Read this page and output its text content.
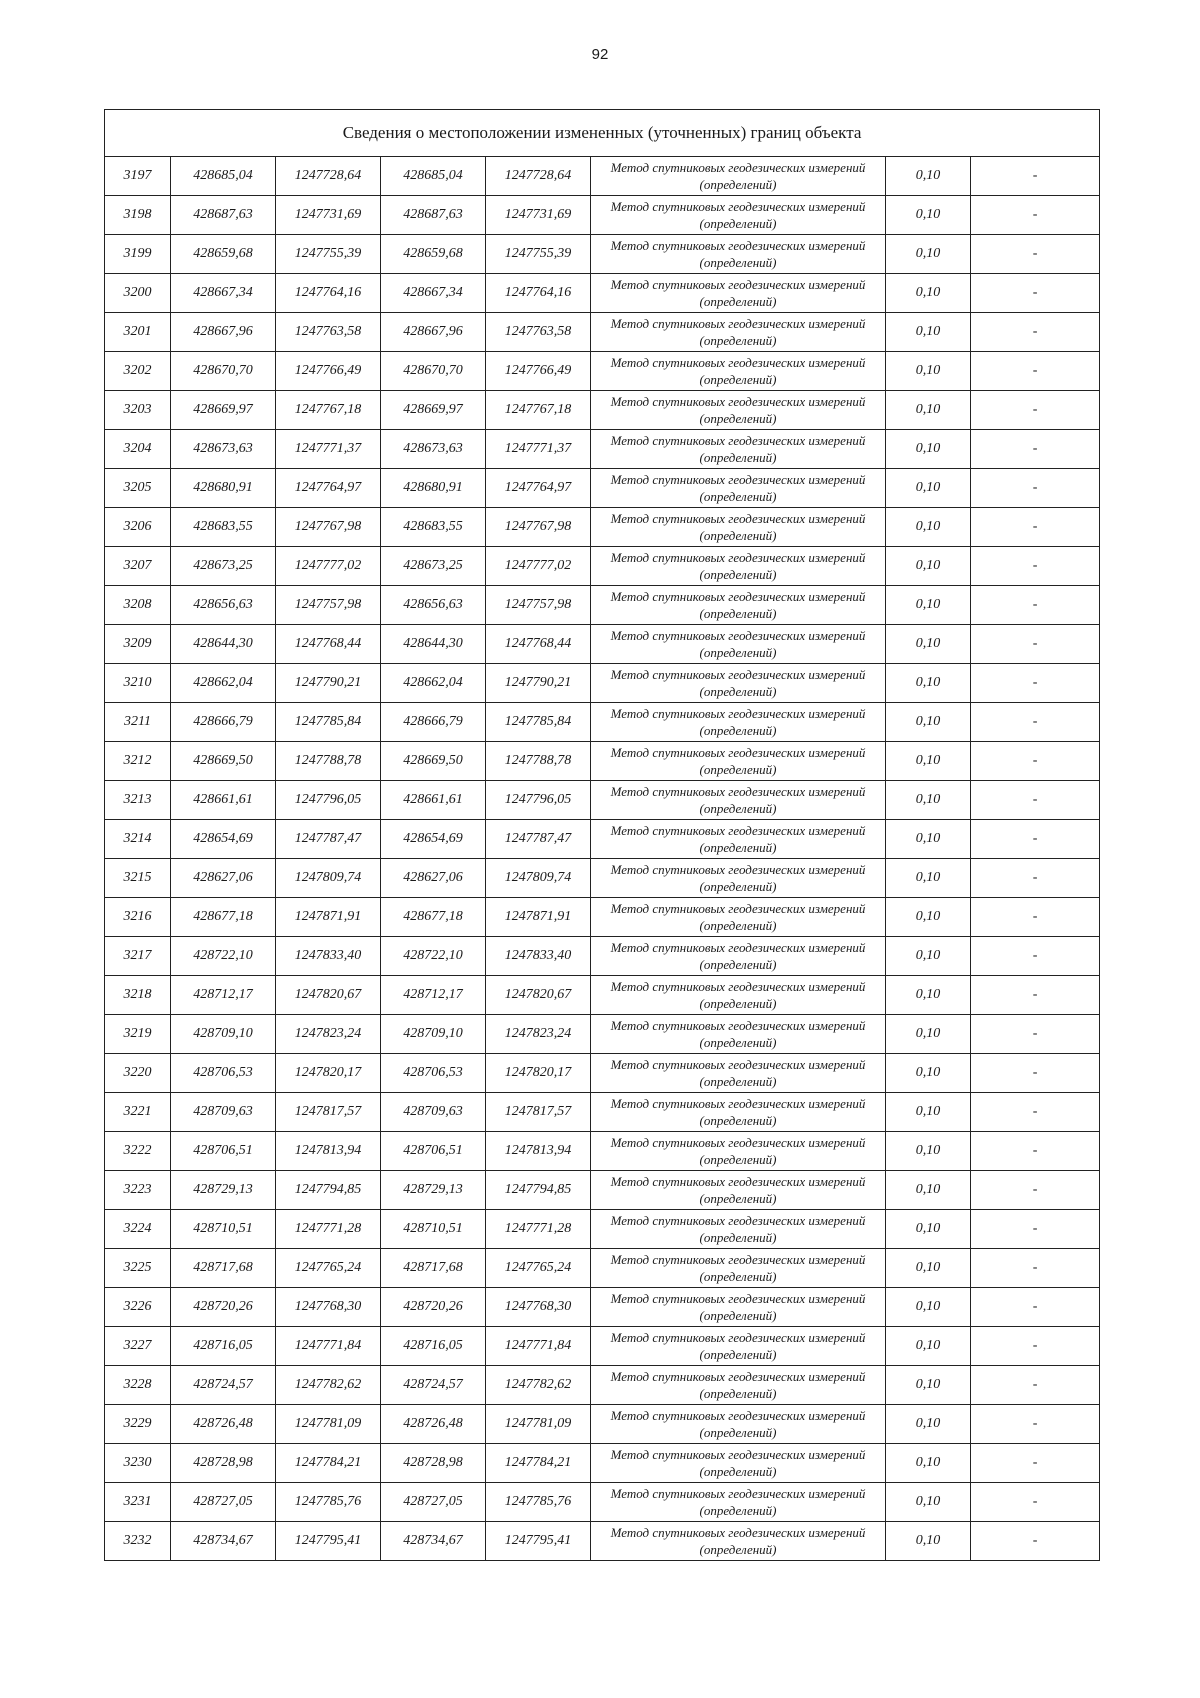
92
Сведения о местоположении измененных (уточненных) границ объекта							
3197	428685,04	1247728,64	428685,04	1247728,64	Метод спутниковых геодезических измерений (определений)	0,10	-
3198	428687,63	1247731,69	428687,63	1247731,69	Метод спутниковых геодезических измерений (определений)	0,10	-
3199	428659,68	1247755,39	428659,68	1247755,39	Метод спутниковых геодезических измерений (определений)	0,10	-
3200	428667,34	1247764,16	428667,34	1247764,16	Метод спутниковых геодезических измерений (определений)	0,10	-
3201	428667,96	1247763,58	428667,96	1247763,58	Метод спутниковых геодезических измерений (определений)	0,10	-
3202	428670,70	1247766,49	428670,70	1247766,49	Метод спутниковых геодезических измерений (определений)	0,10	-
3203	428669,97	1247767,18	428669,97	1247767,18	Метод спутниковых геодезических измерений (определений)	0,10	-
3204	428673,63	1247771,37	428673,63	1247771,37	Метод спутниковых геодезических измерений (определений)	0,10	-
3205	428680,91	1247764,97	428680,91	1247764,97	Метод спутниковых геодезических измерений (определений)	0,10	-
3206	428683,55	1247767,98	428683,55	1247767,98	Метод спутниковых геодезических измерений (определений)	0,10	-
3207	428673,25	1247777,02	428673,25	1247777,02	Метод спутниковых геодезических измерений (определений)	0,10	-
3208	428656,63	1247757,98	428656,63	1247757,98	Метод спутниковых геодезических измерений (определений)	0,10	-
3209	428644,30	1247768,44	428644,30	1247768,44	Метод спутниковых геодезических измерений (определений)	0,10	-
3210	428662,04	1247790,21	428662,04	1247790,21	Метод спутниковых геодезических измерений (определений)	0,10	-
3211	428666,79	1247785,84	428666,79	1247785,84	Метод спутниковых геодезических измерений (определений)	0,10	-
3212	428669,50	1247788,78	428669,50	1247788,78	Метод спутниковых геодезических измерений (определений)	0,10	-
3213	428661,61	1247796,05	428661,61	1247796,05	Метод спутниковых геодезических измерений (определений)	0,10	-
3214	428654,69	1247787,47	428654,69	1247787,47	Метод спутниковых геодезических измерений (определений)	0,10	-
3215	428627,06	1247809,74	428627,06	1247809,74	Метод спутниковых геодезических измерений (определений)	0,10	-
3216	428677,18	1247871,91	428677,18	1247871,91	Метод спутниковых геодезических измерений (определений)	0,10	-
3217	428722,10	1247833,40	428722,10	1247833,40	Метод спутниковых геодезических измерений (определений)	0,10	-
3218	428712,17	1247820,67	428712,17	1247820,67	Метод спутниковых геодезических измерений (определений)	0,10	-
3219	428709,10	1247823,24	428709,10	1247823,24	Метод спутниковых геодезических измерений (определений)	0,10	-
3220	428706,53	1247820,17	428706,53	1247820,17	Метод спутниковых геодезических измерений (определений)	0,10	-
3221	428709,63	1247817,57	428709,63	1247817,57	Метод спутниковых геодезических измерений (определений)	0,10	-
3222	428706,51	1247813,94	428706,51	1247813,94	Метод спутниковых геодезических измерений (определений)	0,10	-
3223	428729,13	1247794,85	428729,13	1247794,85	Метод спутниковых геодезических измерений (определений)	0,10	-
3224	428710,51	1247771,28	428710,51	1247771,28	Метод спутниковых геодезических измерений (определений)	0,10	-
3225	428717,68	1247765,24	428717,68	1247765,24	Метод спутниковых геодезических измерений (определений)	0,10	-
3226	428720,26	1247768,30	428720,26	1247768,30	Метод спутниковых геодезических измерений (определений)	0,10	-
3227	428716,05	1247771,84	428716,05	1247771,84	Метод спутниковых геодезических измерений (определений)	0,10	-
3228	428724,57	1247782,62	428724,57	1247782,62	Метод спутниковых геодезических измерений (определений)	0,10	-
3229	428726,48	1247781,09	428726,48	1247781,09	Метод спутниковых геодезических измерений (определений)	0,10	-
3230	428728,98	1247784,21	428728,98	1247784,21	Метод спутниковых геодезических измерений (определений)	0,10	-
3231	428727,05	1247785,76	428727,05	1247785,76	Метод спутниковых геодезических измерений (определений)	0,10	-
3232	428734,67	1247795,41	428734,67	1247795,41	Метод спутниковых геодезических измерений (определений)	0,10	-
